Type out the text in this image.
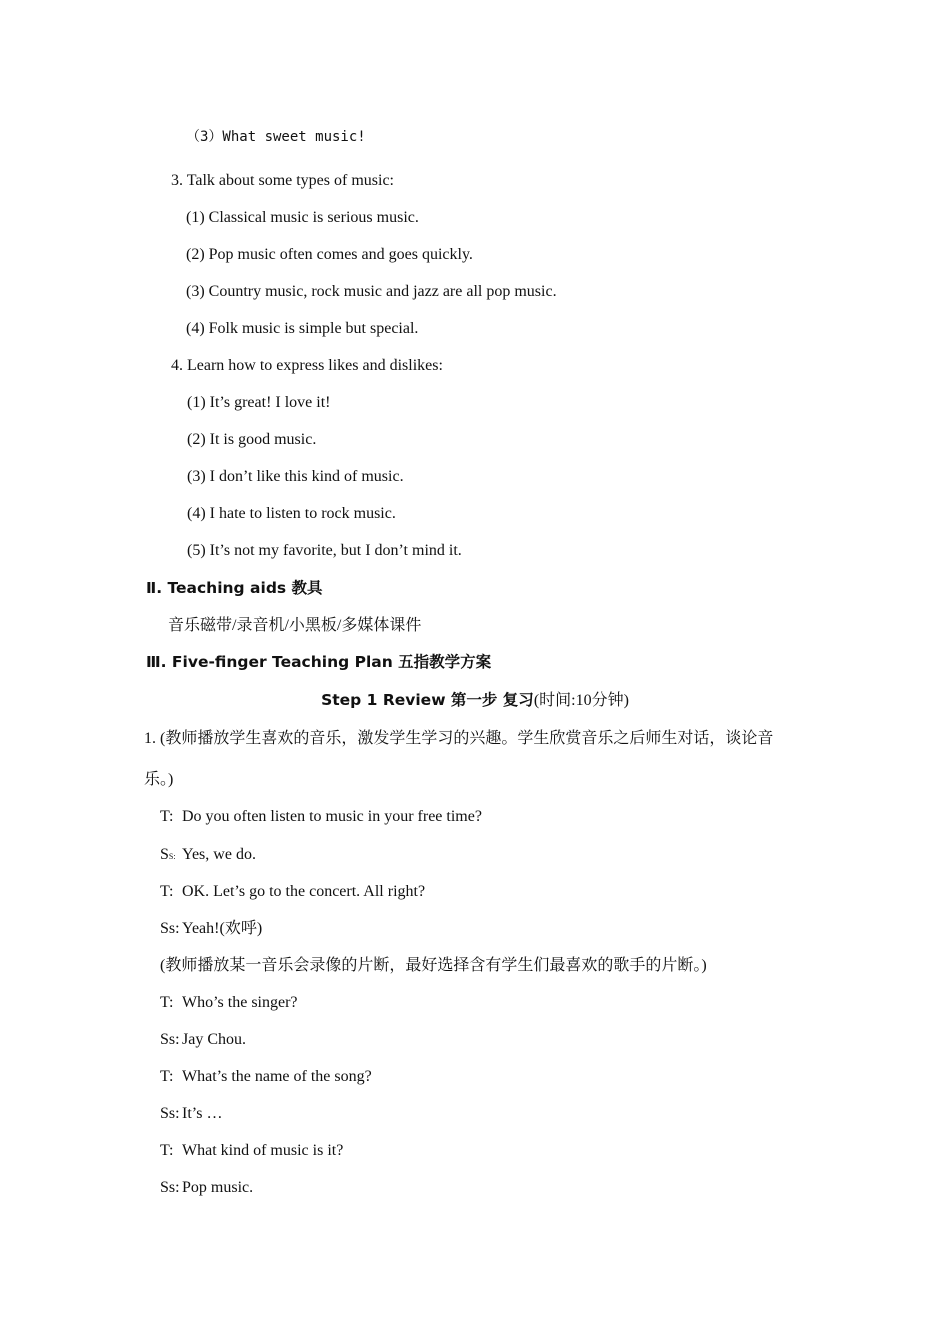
（3）What sweet music!
3. Talk about some types of music:
(1) Classical music is serious music.
(2) Pop music often comes and goes quickly.
(3) Country music, rock music and jazz are all pop music.
(4) Folk music is simple but special.
4. Learn how to express likes and dislikes:
(1) It’s great! I love it!
(2) It is good music.
(3) I don’t like this kind of music.
(4) I hate to listen to rock music.
(5) It’s not my favorite, but I don’t mind it.
Ⅱ. Teaching aids 教具
音乐磁带/录音机/小黑板/多媒体课件
Ⅲ. Five-finger Teaching Plan 五指教学方案
Step 1 Review 第一步 复习(时间:10分钟)
1. (教师播放学生喜欢的音乐，激发学生学习的兴趣。学生欣赏音乐之后师生对话，谈论音
乐。)
T: Do you often listen to music in your free time?
SS: Yes, we do.
T: OK. Let’s go to the concert. All right?
Ss: Yeah!(欢呼)
(教师播放某一音乐会录像的片断，最好选择含有学生们最喜欢的歌手的片断。)
T: Who’s the singer?
Ss: Jay Chou.
T: What’s the name of the song?
Ss: It’s …
T: What kind of music is it?
Ss: Pop music.
